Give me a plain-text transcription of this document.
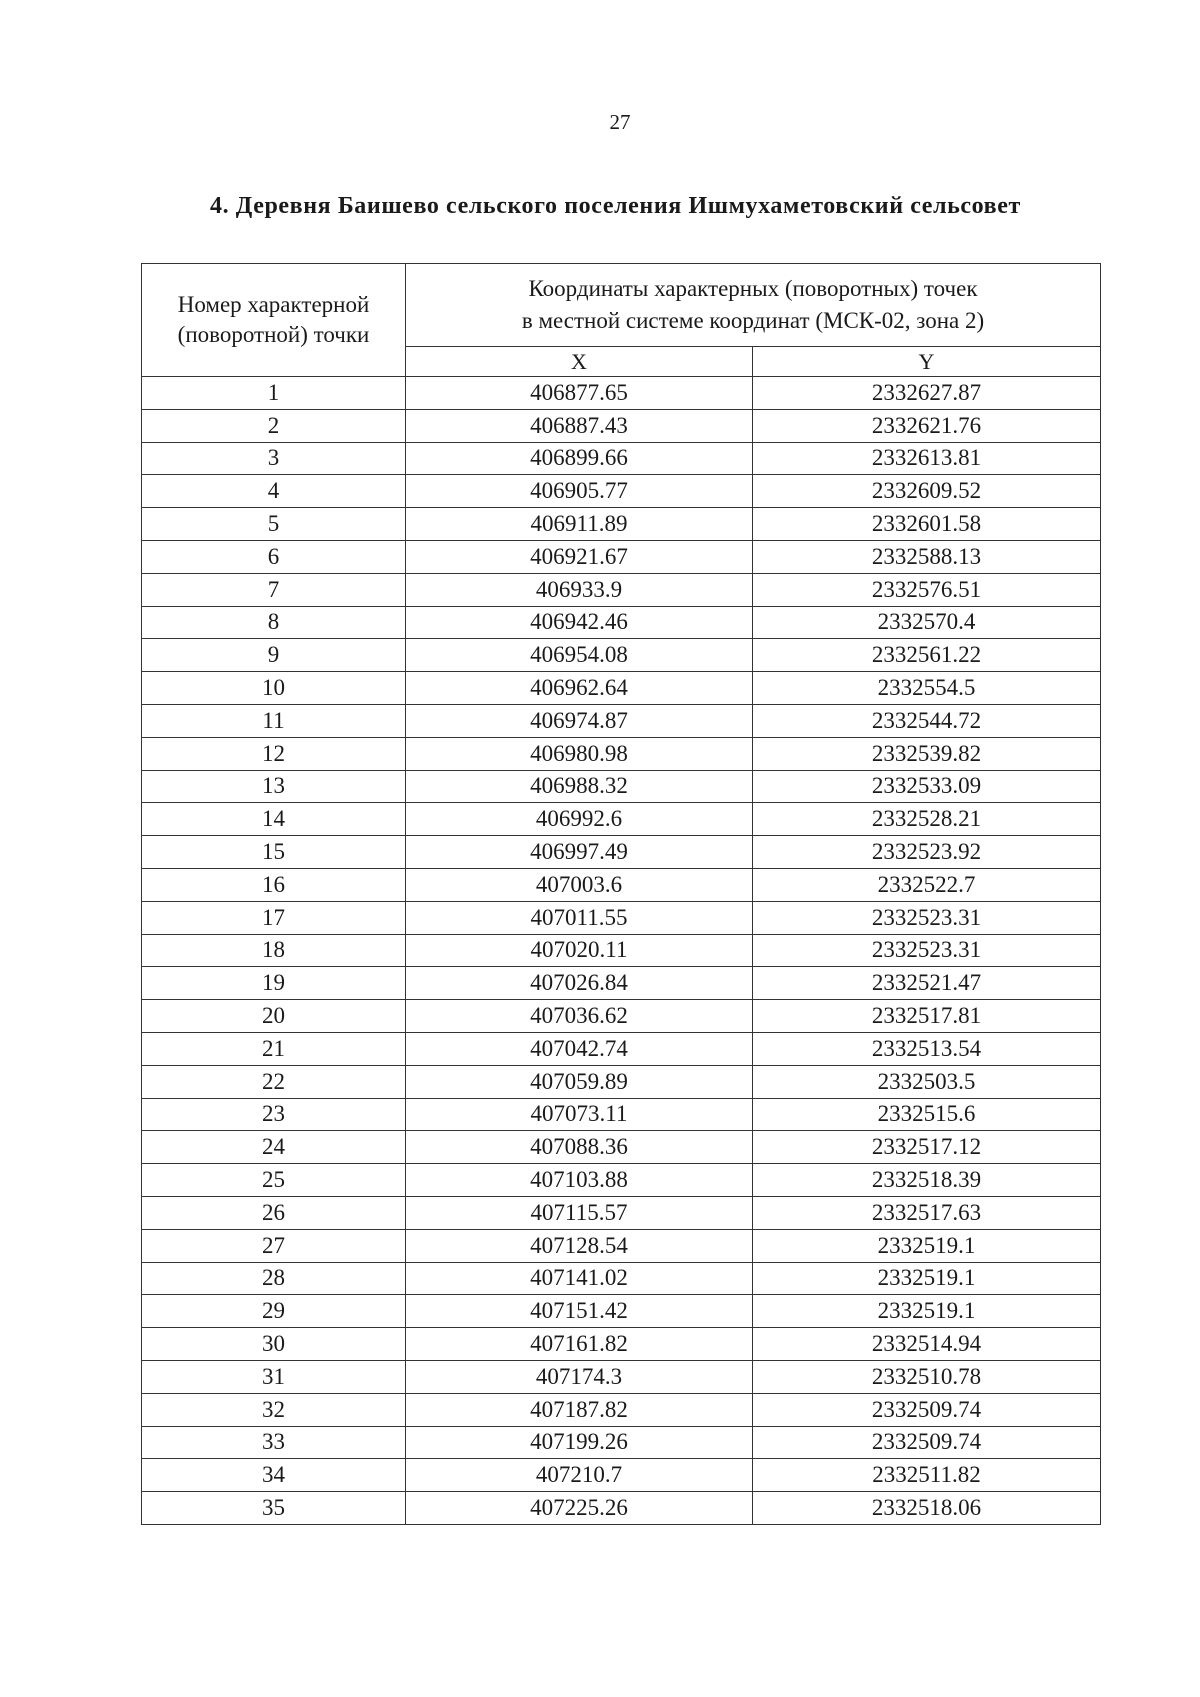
27
4. Деревня Баишево сельского поселения Ишмухаметовский сельсовет
Номер характерной (поворотной) точки	Координаты характерных (поворотных) точек
в местной системе координат (МСК-02, зона 2)	

	X	Y
1	406877.65	2332627.87
2	406887.43	2332621.76
3	406899.66	2332613.81
4	406905.77	2332609.52
5	406911.89	2332601.58
6	406921.67	2332588.13
7	406933.9	2332576.51
8	406942.46	2332570.4
9	406954.08	2332561.22
10	406962.64	2332554.5
11	406974.87	2332544.72
12	406980.98	2332539.82
13	406988.32	2332533.09
14	406992.6	2332528.21
15	406997.49	2332523.92
16	407003.6	2332522.7
17	407011.55	2332523.31
18	407020.11	2332523.31
19	407026.84	2332521.47
20	407036.62	2332517.81
21	407042.74	2332513.54
22	407059.89	2332503.5
23	407073.11	2332515.6
24	407088.36	2332517.12
25	407103.88	2332518.39
26	407115.57	2332517.63
27	407128.54	2332519.1
28	407141.02	2332519.1
29	407151.42	2332519.1
30	407161.82	2332514.94
31	407174.3	2332510.78
32	407187.82	2332509.74
33	407199.26	2332509.74
34	407210.7	2332511.82
35	407225.26	2332518.06
